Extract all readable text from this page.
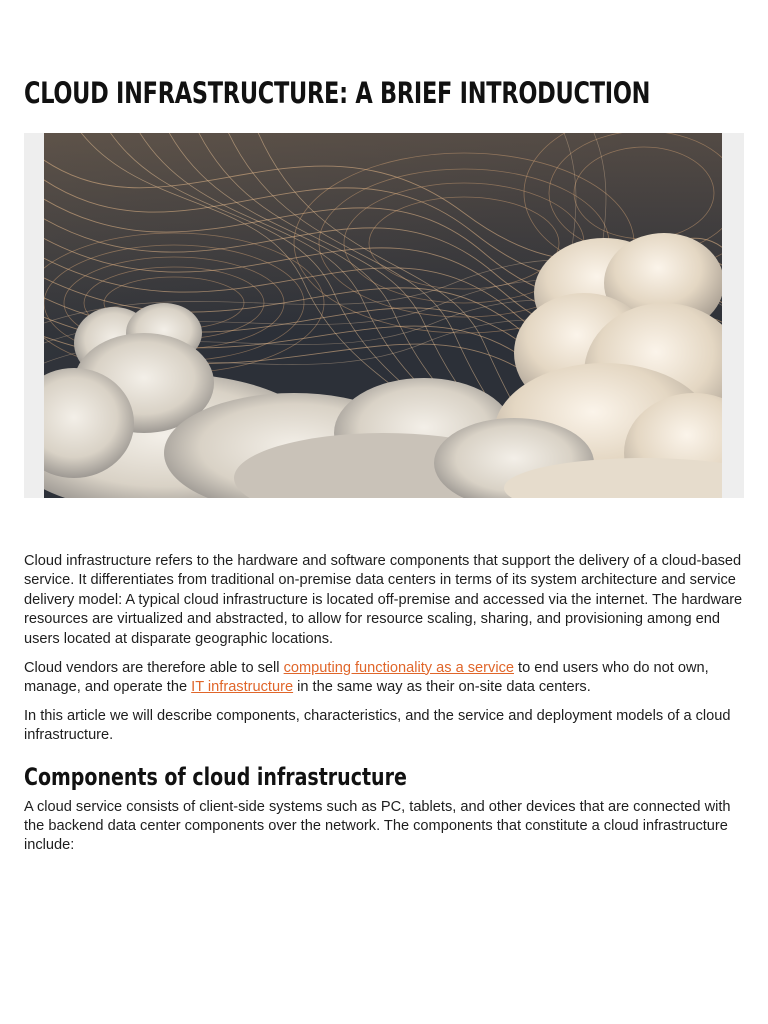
CLOUD INFRASTRUCTURE: A BRIEF INTRODUCTION

Cloud infrastructure refers to the hardware and software components that support the delivery of a cloud-based service. It differentiates from traditional on-premise data centers in terms of its system architecture and service delivery model: A typical cloud infrastructure is located off-premise and accessed via the internet. The hardware resources are virtualized and abstracted, to allow for resource scaling, sharing, and provisioning among end users located at disparate geographic locations.

Cloud vendors are therefore able to sell computing functionality as a service to end users who do not own, manage, and operate the IT infrastructure in the same way as their on-site data centers.

In this article we will describe components, characteristics, and the service and deployment models of a cloud infrastructure.

Components of cloud infrastructure

A cloud service consists of client-side systems such as PC, tablets, and other devices that are connected with the backend data center components over the network. The components that constitute a cloud infrastructure include:
